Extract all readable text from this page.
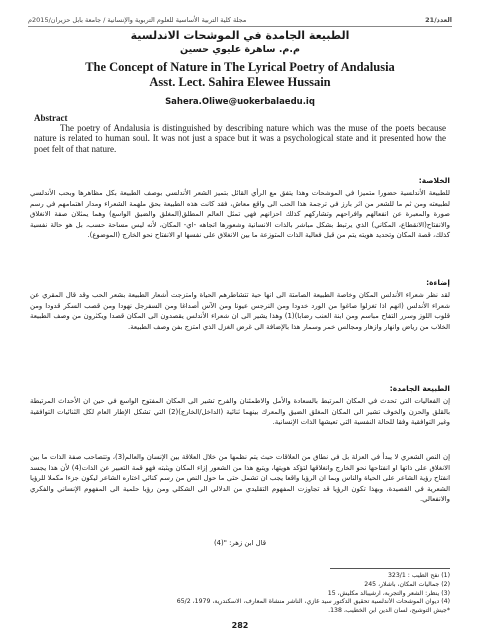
مجلة كلية التربية الأساسية للعلوم التربوية والإنسانية / جامعة بابل حزيران/2015م	العدد/21
الطبيعة الجامدة في الموشحات الاندلسية
م.م. ساهرة عليوي حسين
The Concept of Nature in The Lyrical Poetry of Andalusia
Asst. Lect. Sahira Elewee Hussain
Sahera.Oliwe@uokerbalaedu.iq
Abstract
The poetry of Andalusia is distinguished by describing nature which was the muse of the poets because nature is related to human soul. It was not just a space but it was a psychological state and it presented how the poet felt of that nature.
الخلاصة:
للطبيعة الأندلسية حضورا متميزا في الموشحات وهذا يتفق مع الرأي القائل بتميز الشعر الأندلسي بوصف الطبيعة بكل مظاهرها وبحب الأندلسي لطبيعته ومن ثم ما للشعر من اثر بارز في ترجمة هذا الحب الى واقع معاش، فقد كانت هذه الطبيعة بحق ملهمة الشعراء ومدار اهتمامهم في رسم صورة والمعبرة عن انفعالهم وافراحهم وتشاركهم كذلك احزانهم فهي تمثل العالم المطلق(المغلق والضيق الواسع) وهما يمثلان صفة الانغلاق والانفتاح(الانقطاع، المكاني) الذي يرتبط بشكل مباشر بالذات الانسانية وشعورها اتجاهه -اي- المكان، لأنه ليس مساحة حسب، بل هو حالة نفسية كذلك، قصة المكان وتحديد هويته يتم من قبل فعالية الذات المتوزعة ما بين الانغلاق على نفسها او الانفتاح نحو الخارج (الموضوع).
إضاءة:
لقد نظر شعراء الأندلس المكان وخاصة الطبيعة الصامتة الى انها حية تتشاطرهم الحياة وامتزجت أشعار الطبيعة بشعر الحب وقد قال المقري عن شعراء الأندلس (انهم اذا تغزلوا صاغوا من الورد خدودا ومن النرجس عيونا ومن الآس أصداغا ومن السفرجل نهودا ومن قصب السكر قدودا ومن قلوب اللوز وسرر التفاح مباسم ومن ابنة العنب رضابا)(1) وهذا يشير الى ان شعراء الأندلس يقصدون الى المكان قصدا ويكثرون من وصف الطبيعة الخلاب من رياض وانهار وازهار ومجالس خمر وسمار هذا بالإضافة الى غرض الغزل الذي امتزج بفن وصف الطبيعة.
الطبيعة الجامدة:
إن الفعاليات التي تحدث في المكان المرتبط بالسعادة والأمل والاطمئنان والفرح تشير الى المكان المفتوح الواسع في حين ان الأحداث المرتبطة بالقلق والحزن والخوف تشير الى المكان المغلق الضيق والمعرك بينهما ثنائية (الداخل/الخارج)(2) التي تشكل الإطار العام لكل الثنائيات التوافقية وغير التوافقية وفقا للحالة النفسية التي تعيشها الذات الإنسانية.
إن النص الشعري لا يبدأ في العزلة بل في نطاق من العلاقات حيث يتم نظمها من خلال العلاقة بين الإنسان والعالم(3)، وتتصاحب صفة الذات ما بين الانغلاق على ذاتها او انفتاحها نحو الخارج وانغلاقها لتؤكد هويتها، ويتبع هذا من الشعور إزاء المكان ويثبته فهو قمة التعبير عن الذات(4) لأن هذا يجسد انفتاح رؤية الشاعر على الحياة والناس وبما ان الرؤيا واقعا يجب ان تشمل حتى ما حول النص من رسم كنائي اختاره الشاعر ليكون جزءا مكملا للرؤيا الشعرية في القصيدة، وبهذا تكون الرؤيا قد تجاوزت المفهوم التقليدي من الدلالي الى الشكلي ومن رؤيا حلمية الى المفهوم الإنساني والفكري والانفعالي.
قال ابن زهر: "(4)
(1) نفح الطيب : 323/1
(2) جماليات المكان، باشلار، 245
(3) ينظر: الشعر والتجربة، ارشيبالد مكليش، 15
(4) ديوان الموشحات الأندلسية تحقيق الدكتور سيد غازي، الناشر منشأة المعارف، الاسكندرية، 1979، 65/2
*جيش التوشيح، لسان الدين ابن الخطيب، 138.
282
